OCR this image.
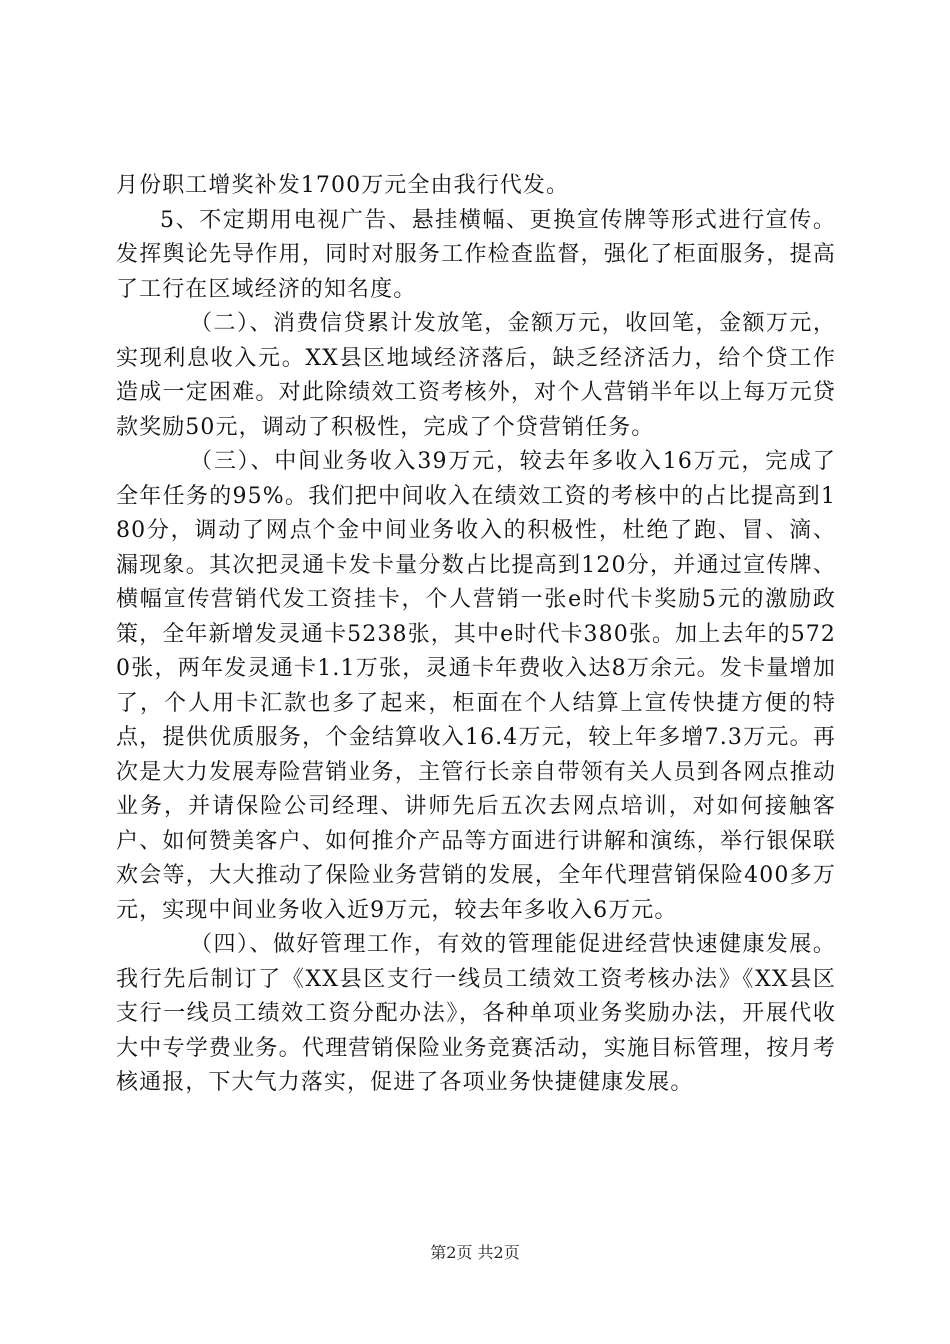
月份职工增奖补发1700万元全由我行代发。

5、不定期用电视广告、悬挂横幅、更换宣传牌等形式进行宣传。发挥舆论先导作用，同时对服务工作检查监督，强化了柜面服务，提高了工行在区域经济的知名度。

（二）、消费信贷累计发放笔，金额万元，收回笔，金额万元，实现利息收入元。XX县区地域经济落后，缺乏经济活力，给个贷工作造成一定困难。对此除绩效工资考核外，对个人营销半年以上每万元贷款奖励50元，调动了积极性，完成了个贷营销任务。

（三）、中间业务收入39万元，较去年多收入16万元，完成了全年任务的95%。我们把中间收入在绩效工资的考核中的占比提高到180分，调动了网点个金中间业务收入的积极性，杜绝了跑、冒、滴、漏现象。其次把灵通卡发卡量分数占比提高到120分，并通过宣传牌、横幅宣传营销代发工资挂卡，个人营销一张e时代卡奖励5元的激励政策，全年新增发灵通卡5238张，其中e时代卡380张。加上去年的5720张，两年发灵通卡1.1万张，灵通卡年费收入达8万余元。发卡量增加了，个人用卡汇款也多了起来，柜面在个人结算上宣传快捷方便的特点，提供优质服务，个金结算收入16.4万元，较上年多增7.3万元。再次是大力发展寿险营销业务，主管行长亲自带领有关人员到各网点推动业务，并请保险公司经理、讲师先后五次去网点培训，对如何接触客户、如何赞美客户、如何推介产品等方面进行讲解和演练，举行银保联欢会等，大大推动了保险业务营销的发展，全年代理营销保险400多万元，实现中间业务收入近9万元，较去年多收入6万元。

（四）、做好管理工作，有效的管理能促进经营快速健康发展。我行先后制订了《XX县区支行一线员工绩效工资考核办法》《XX县区支行一线员工绩效工资分配办法》，各种单项业务奖励办法，开展代收大中专学费业务。代理营销保险业务竞赛活动，实施目标管理，按月考核通报，下大气力落实，促进了各项业务快捷健康发展。

第2页 共2页
